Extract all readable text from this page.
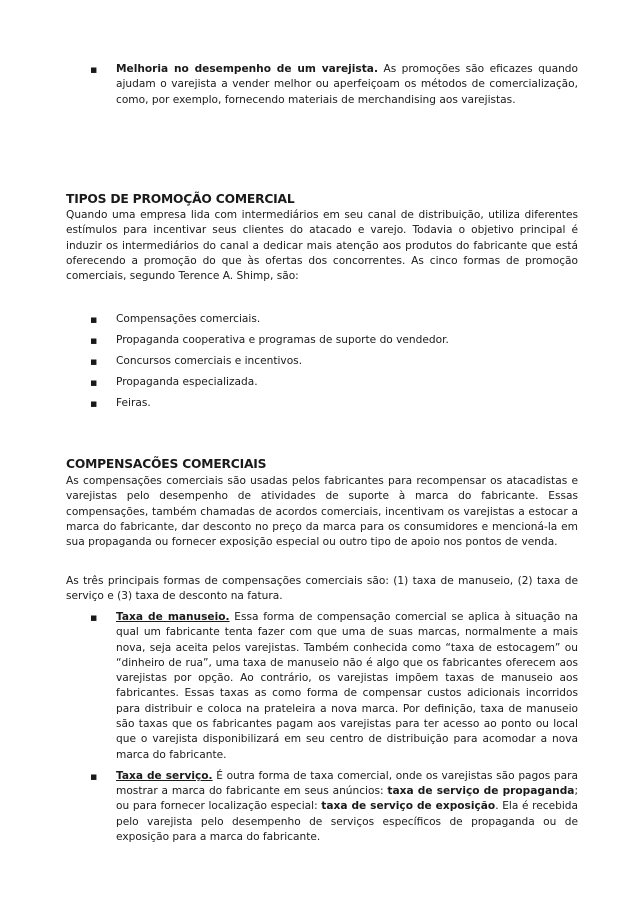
▪ Melhoria no desempenho de um varejista. As promoções são eficazes quando ajudam o varejista a vender melhor ou aperfeiçoam os métodos de comercialização, como, por exemplo, fornecendo materiais de merchandising aos varejistas.
TIPOS DE PROMOÇÃO COMERCIAL

Quando uma empresa lida com intermediários em seu canal de distribuição, utiliza diferentes estímulos para incentivar seus clientes do atacado e varejo. Todavia o objetivo principal é induzir os intermediários do canal a dedicar mais atenção aos produtos do fabricante que está oferecendo a promoção do que às ofertas dos concorrentes. As cinco formas de promoção comerciais, segundo Terence A. Shimp, são:

▪ Compensações comerciais.
▪ Propaganda cooperativa e programas de suporte do vendedor.
▪ Concursos comerciais e incentivos.
▪ Propaganda especializada.
▪ Feiras.
COMPENSACÕES COMERCIAIS

As compensações comerciais são usadas pelos fabricantes para recompensar os atacadistas e varejistas pelo desempenho de atividades de suporte à marca do fabricante. Essas compensações, também chamadas de acordos comerciais, incentivam os varejistas a estocar a marca do fabricante, dar desconto no preço da marca para os consumidores e mencioná-la em sua propaganda ou fornecer exposição especial ou outro tipo de apoio nos pontos de venda.

As três principais formas de compensações comerciais são: (1) taxa de manuseio, (2) taxa de serviço e (3) taxa de desconto na fatura.

▪ Taxa de manuseio. Essa forma de compensação comercial se aplica à situação na qual um fabricante tenta fazer com que uma de suas marcas, normalmente a mais nova, seja aceita pelos varejistas. Também conhecida como “taxa de estocagem” ou “dinheiro de rua”, uma taxa de manuseio não é algo que os fabricantes oferecem aos varejistas por opção. Ao contrário, os varejistas impõem taxas de manuseio aos fabricantes. Essas taxas as como forma de compensar custos adicionais incorridos para distribuir e coloca na prateleira a nova marca. Por definição, taxa de manuseio são taxas que os fabricantes pagam aos varejistas para ter acesso ao ponto ou local que o varejista disponibilizará em seu centro de distribuição para acomodar a nova marca do fabricante.
▪ Taxa de serviço. É outra forma de taxa comercial, onde os varejistas são pagos para mostrar a marca do fabricante em seus anúncios: taxa de serviço de propaganda; ou para fornecer localização especial: taxa de serviço de exposição. Ela é recebida pelo varejista pelo desempenho de serviços específicos de propaganda ou de exposição para a marca do fabricante.
